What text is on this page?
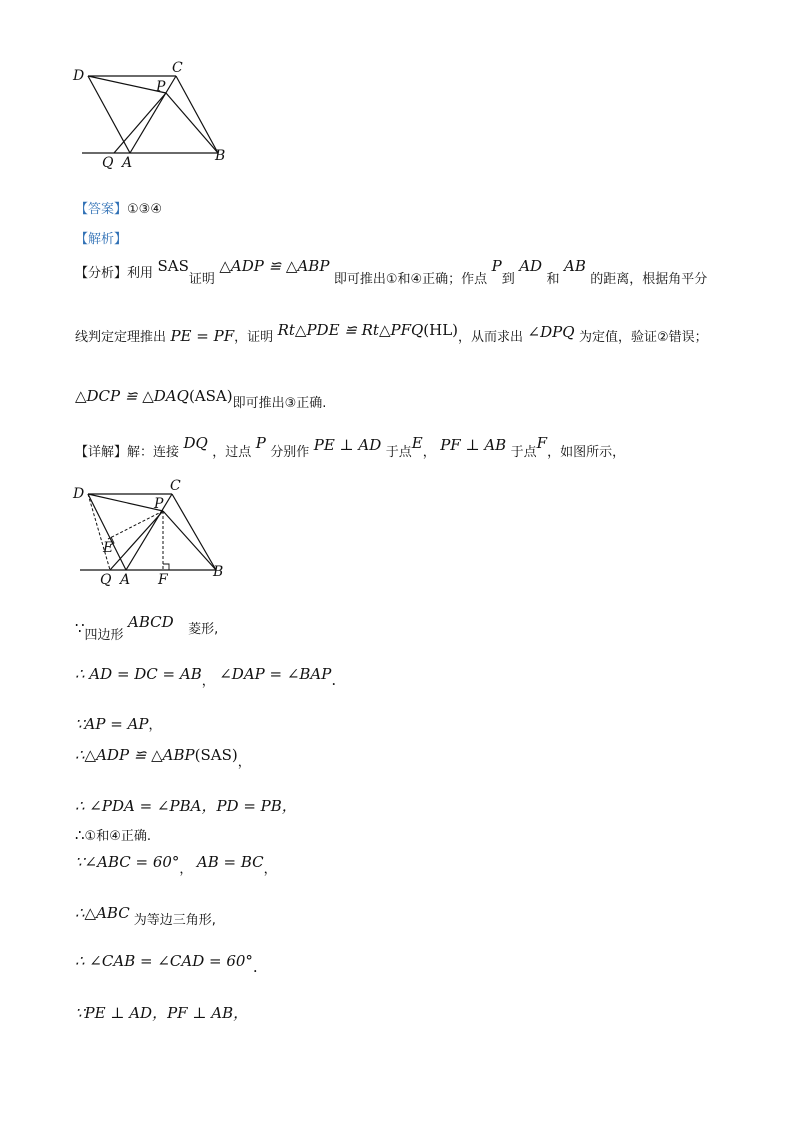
D	C
P
Q A	B
【答案】①③④
【解析】
【分析】利用 SAS证明 △ADP ≌ △ABP 即可推出①和④正确；作点 P到 AD 和 AB 的距离，根据角平分
线判定定理推出 PE = PF，证明 Rt△PDE ≌ Rt△PFQ(HL)，从而求出 ∠DPQ 为定值，验证②错误；
△DCP ≌ △DAQ(ASA)即可推出③正确.
【详解】解：连接 DQ ，过点 P 分别作 PE ⊥ AD 于点E， PF ⊥ AB 于点F，如图所示，
D	C
P
E
Q A F	B
∵四边形 ABCD 菱形,
∴ AD = DC = AB， ∠DAP = ∠BAP.
∵AP = AP，
∴△ADP ≌ △ABP(SAS)，
∴ ∠PDA = ∠PBA，PD = PB，
∴①和④正确.
∵∠ABC = 60°， AB = BC，
∴△ABC 为等边三角形,
∴ ∠CAB = ∠CAD = 60°.
∵PE ⊥ AD，PF ⊥ AB，
